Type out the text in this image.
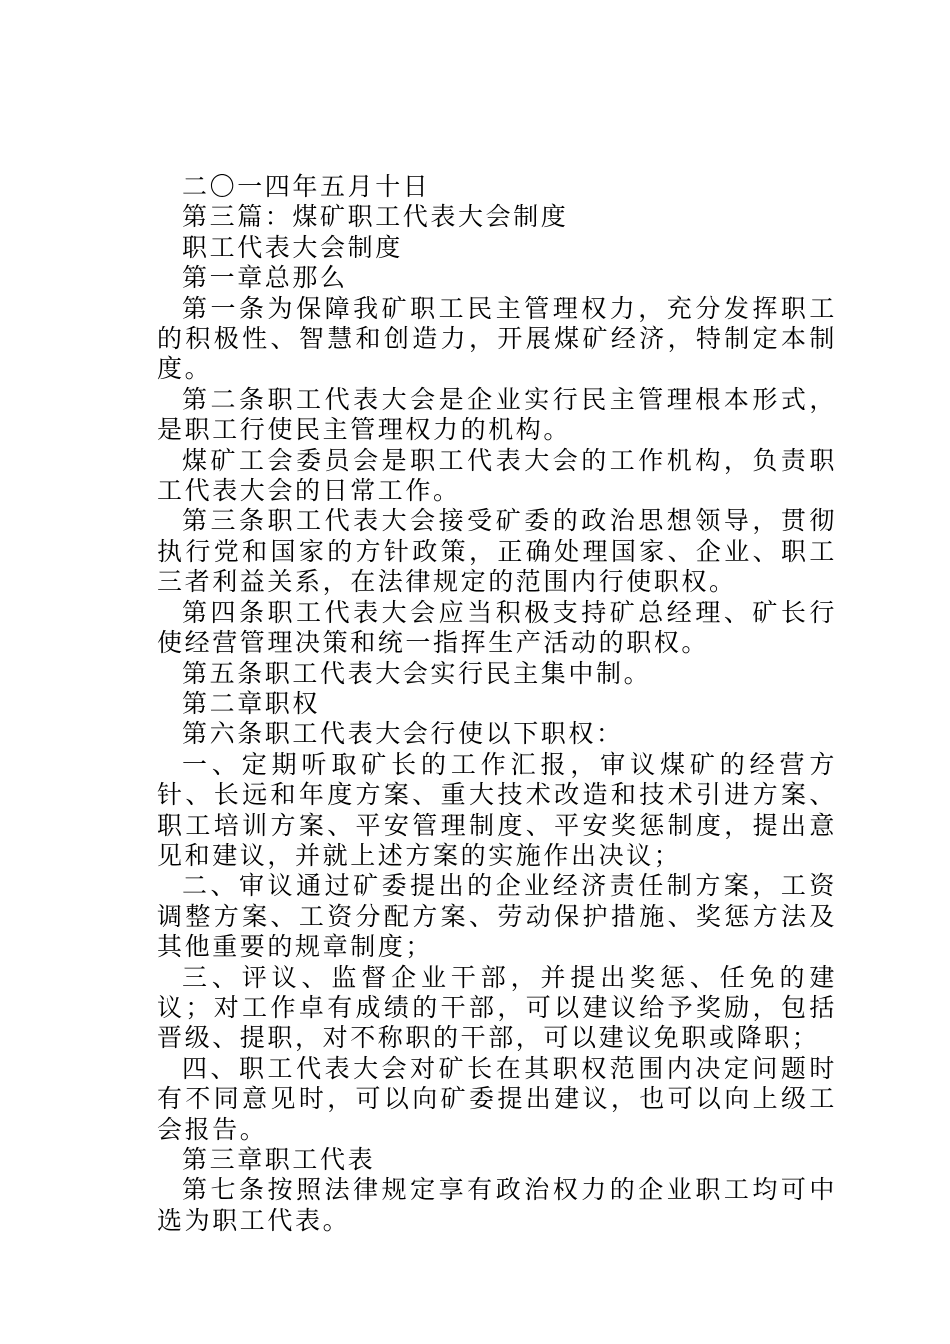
二〇一四年五月十日

第三篇：煤矿职工代表大会制度

职工代表大会制度

第一章总那么

第一条为保障我矿职工民主管理权力，充分发挥职工的积极性、智慧和创造力，开展煤矿经济，特制定本制度。

第二条职工代表大会是企业实行民主管理根本形式，是职工行使民主管理权力的机构。

煤矿工会委员会是职工代表大会的工作机构，负责职工代表大会的日常工作。

第三条职工代表大会接受矿委的政治思想领导，贯彻执行党和国家的方针政策，正确处理国家、企业、职工三者利益关系，在法律规定的范围内行使职权。

第四条职工代表大会应当积极支持矿总经理、矿长行使经营管理决策和统一指挥生产活动的职权。

第五条职工代表大会实行民主集中制。

第二章职权

第六条职工代表大会行使以下职权：

一、定期听取矿长的工作汇报，审议煤矿的经营方针、长远和年度方案、重大技术改造和技术引进方案、职工培训方案、平安管理制度、平安奖惩制度，提出意见和建议，并就上述方案的实施作出决议；

二、审议通过矿委提出的企业经济责任制方案，工资调整方案、工资分配方案、劳动保护措施、奖惩方法及其他重要的规章制度；

三、评议、监督企业干部，并提出奖惩、任免的建议；对工作卓有成绩的干部，可以建议给予奖励，包括晋级、提职，对不称职的干部，可以建议免职或降职；

四、职工代表大会对矿长在其职权范围内决定问题时有不同意见时，可以向矿委提出建议，也可以向上级工会报告。

第三章职工代表

第七条按照法律规定享有政治权力的企业职工均可中选为职工代表。
